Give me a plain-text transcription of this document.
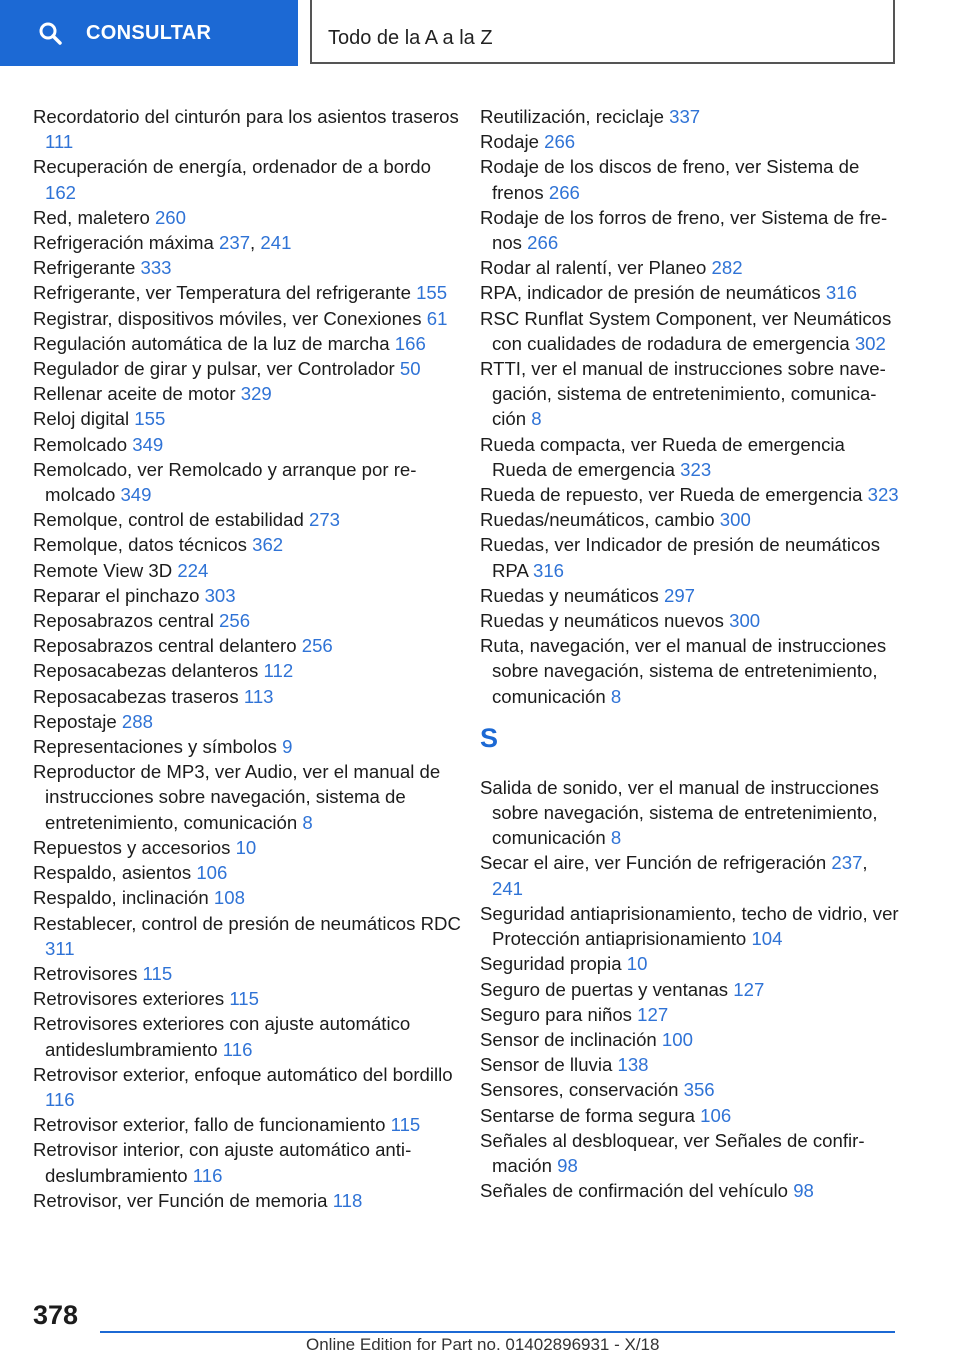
CONSULTAR	Todo de la A a la Z

Recordatorio del cinturón para los asientos traseros 111

Recuperación de energía, ordenador de a bordo 162

Red, maletero 260

Refrigeración máxima 237, 241

Refrigerante 333

Refrigerante, ver Temperatura del refrigerante 155

Registrar, dispositivos móviles, ver Conexiones 61

Regulación automática de la luz de marcha 166

Regulador de girar y pulsar, ver Controlador 50

Rellenar aceite de motor 329

Reloj digital 155

Remolcado 349

Remolcado, ver Remolcado y arranque por remolcado 349

Remolque, control de estabilidad 273

Remolque, datos técnicos 362

Remote View 3D 224

Reparar el pinchazo 303

Reposabrazos central 256

Reposabrazos central delantero 256

Reposacabezas delanteros 112

Reposacabezas traseros 113

Repostaje 288

Representaciones y símbolos 9

Reproductor de MP3, ver Audio, ver el manual de instrucciones sobre navegación, sistema de entretenimiento, comunicación 8

Repuestos y accesorios 10

Respaldo, asientos 106

Respaldo, inclinación 108

Restablecer, control de presión de neumáticos RDC 311

Retrovisores 115

Retrovisores exteriores 115

Retrovisores exteriores con ajuste automático antideslumbramiento 116

Retrovisor exterior, enfoque automático del bordillo 116

Retrovisor exterior, fallo de funcionamiento 115

Retrovisor interior, con ajuste automático antideslumbramiento 116

Retrovisor, ver Función de memoria 118

Reutilización, reciclaje 337

Rodaje 266

Rodaje de los discos de freno, ver Sistema de frenos 266

Rodaje de los forros de freno, ver Sistema de frenos 266

Rodar al ralentí, ver Planeo 282

RPA, indicador de presión de neumáticos 316

RSC Runflat System Component, ver Neumáticos con cualidades de rodadura de emergencia 302

RTTI, ver el manual de instrucciones sobre navegación, sistema de entretenimiento, comunicación 8

Rueda compacta, ver Rueda de emergencia Rueda de emergencia 323

Rueda de repuesto, ver Rueda de emergencia 323

Ruedas/neumáticos, cambio 300

Ruedas, ver Indicador de presión de neumáticos RPA 316

Ruedas y neumáticos 297

Ruedas y neumáticos nuevos 300

Ruta, navegación, ver el manual de instrucciones sobre navegación, sistema de entretenimiento, comunicación 8

S

Salida de sonido, ver el manual de instrucciones sobre navegación, sistema de entretenimiento, comunicación 8

Secar el aire, ver Función de refrigeración 237, 241

Seguridad antiaprisionamiento, techo de vidrio, ver Protección antiaprisionamiento 104

Seguridad propia 10

Seguro de puertas y ventanas 127

Seguro para niños 127

Sensor de inclinación 100

Sensor de lluvia 138

Sensores, conservación 356

Sentarse de forma segura 106

Señales al desbloquear, ver Señales de confirmación 98

Señales de confirmación del vehículo 98

378
Online Edition for Part no. 01402896931 - X/18
